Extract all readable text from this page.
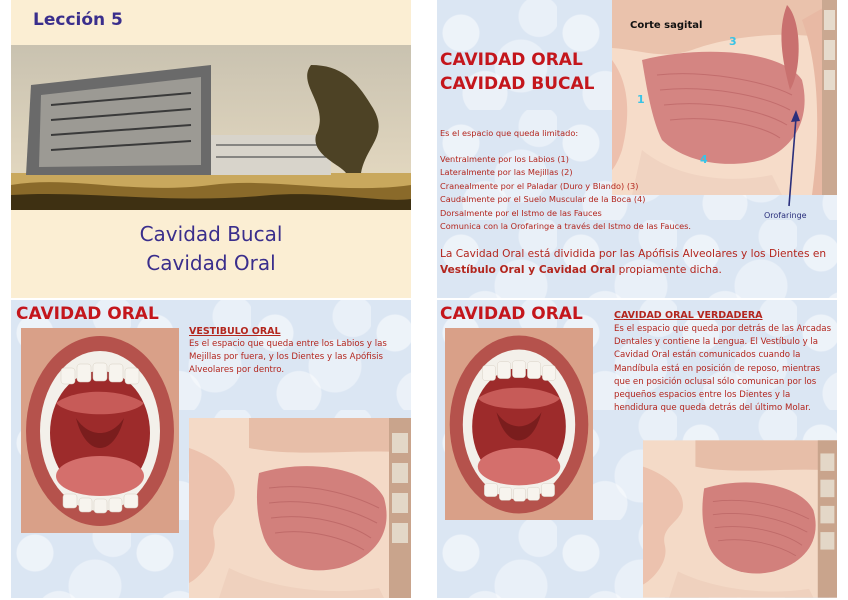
Lección 5
Cavidad Bucal
Cavidad Oral
Corte sagital
3
1
4
Orofaringe
CAVIDAD ORAL
CAVIDAD BUCAL
Es el espacio que queda limitado:
Ventralmente por los Labios (1)
Lateralmente por las Mejillas (2)
Cranealmente por el Paladar (Duro y Blando) (3)
Caudalmente por el Suelo Muscular de la Boca (4)
Dorsalmente por el Istmo de las Fauces
Comunica con la Orofaringe a través del Istmo de las Fauces.
La Cavidad Oral está dividida por las Apófisis Alveolares y los Dientes en Vestíbulo Oral y Cavidad Oral propiamente dicha.
CAVIDAD ORAL
VESTIBULO ORAL
Es el espacio que queda entre los Labios y las Mejillas por fuera, y los Dientes y las Apófisis Alveolares por dentro.
CAVIDAD ORAL	CAVIDAD ORAL VERDADERA
Es el espacio que queda por detrás de las Arcadas Dentales y contiene la Lengua. El Vestíbulo y la Cavidad Oral están comunicados cuando la Mandíbula está en posición de reposo, mientras que en posición oclusal sólo comunican por los pequeños espacios entre los Dientes y la hendidura que queda detrás del último Molar.
